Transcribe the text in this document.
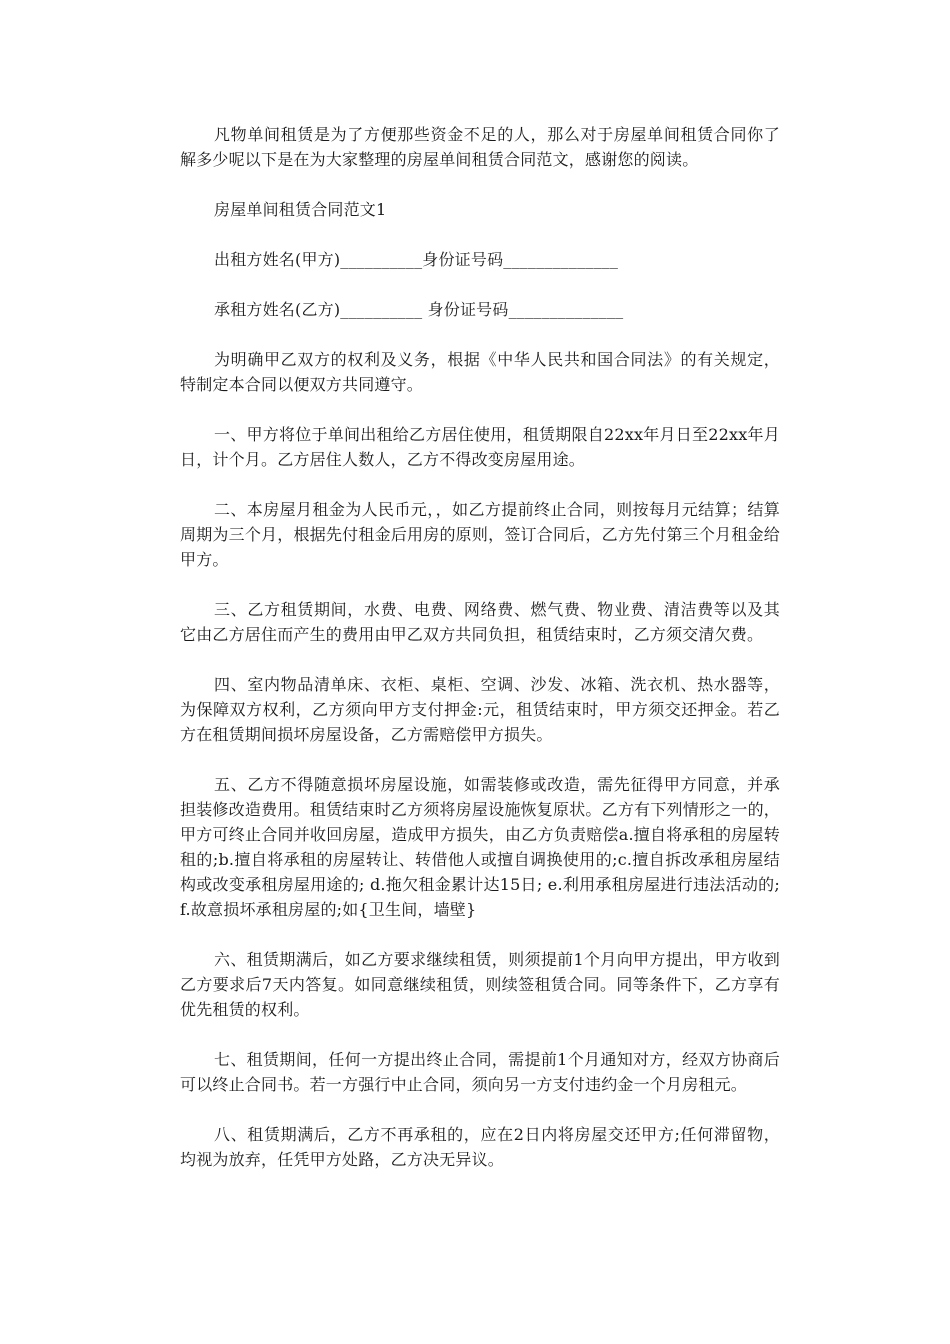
凡物单间租赁是为了方便那些资金不足的人，那么对于房屋单间租赁合同你了解多少呢以下是在为大家整理的房屋单间租赁合同范文，感谢您的阅读。

房屋单间租赁合同范文1

出租方姓名(甲方)__________身份证号码______________

承租方姓名(乙方)__________ 身份证号码______________

为明确甲乙双方的权利及义务，根据《中华人民共和国合同法》的有关规定，特制定本合同以便双方共同遵守。

一、甲方将位于单间出租给乙方居住使用，租赁期限自22xx年月日至22xx年月日，计个月。乙方居住人数人，乙方不得改变房屋用途。

二、本房屋月租金为人民币元，，如乙方提前终止合同，则按每月元结算；结算周期为三个月，根据先付租金后用房的原则，签订合同后，乙方先付第三个月租金给甲方。

三、乙方租赁期间，水费、电费、网络费、燃气费、物业费、清洁费等以及其它由乙方居住而产生的费用由甲乙双方共同负担，租赁结束时，乙方须交清欠费。

四、室内物品清单床、衣柜、桌柜、空调、沙发、冰箱、洗衣机、热水器等，为保障双方权利，乙方须向甲方支付押金:元，租赁结束时，甲方须交还押金。若乙方在租赁期间损坏房屋设备，乙方需赔偿甲方损失。

五、乙方不得随意损坏房屋设施，如需装修或改造，需先征得甲方同意，并承担装修改造费用。租赁结束时乙方须将房屋设施恢复原状。乙方有下列情形之一的，甲方可终止合同并收回房屋，造成甲方损失，由乙方负责赔偿a.擅自将承租的房屋转租的;b.擅自将承租的房屋转让、转借他人或擅自调换使用的;c.擅自拆改承租房屋结构或改变承租房屋用途的; d.拖欠租金累计达15日; e.利用承租房屋进行违法活动的; f.故意损坏承租房屋的;如{卫生间，墙壁}

六、租赁期满后，如乙方要求继续租赁，则须提前1个月向甲方提出，甲方收到乙方要求后7天内答复。如同意继续租赁，则续签租赁合同。同等条件下，乙方享有优先租赁的权利。

七、租赁期间，任何一方提出终止合同，需提前1个月通知对方，经双方协商后可以终止合同书。若一方强行中止合同，须向另一方支付违约金一个月房租元。

八、租赁期满后，乙方不再承租的，应在2日内将房屋交还甲方;任何滞留物，均视为放弃，任凭甲方处路，乙方决无异议。
